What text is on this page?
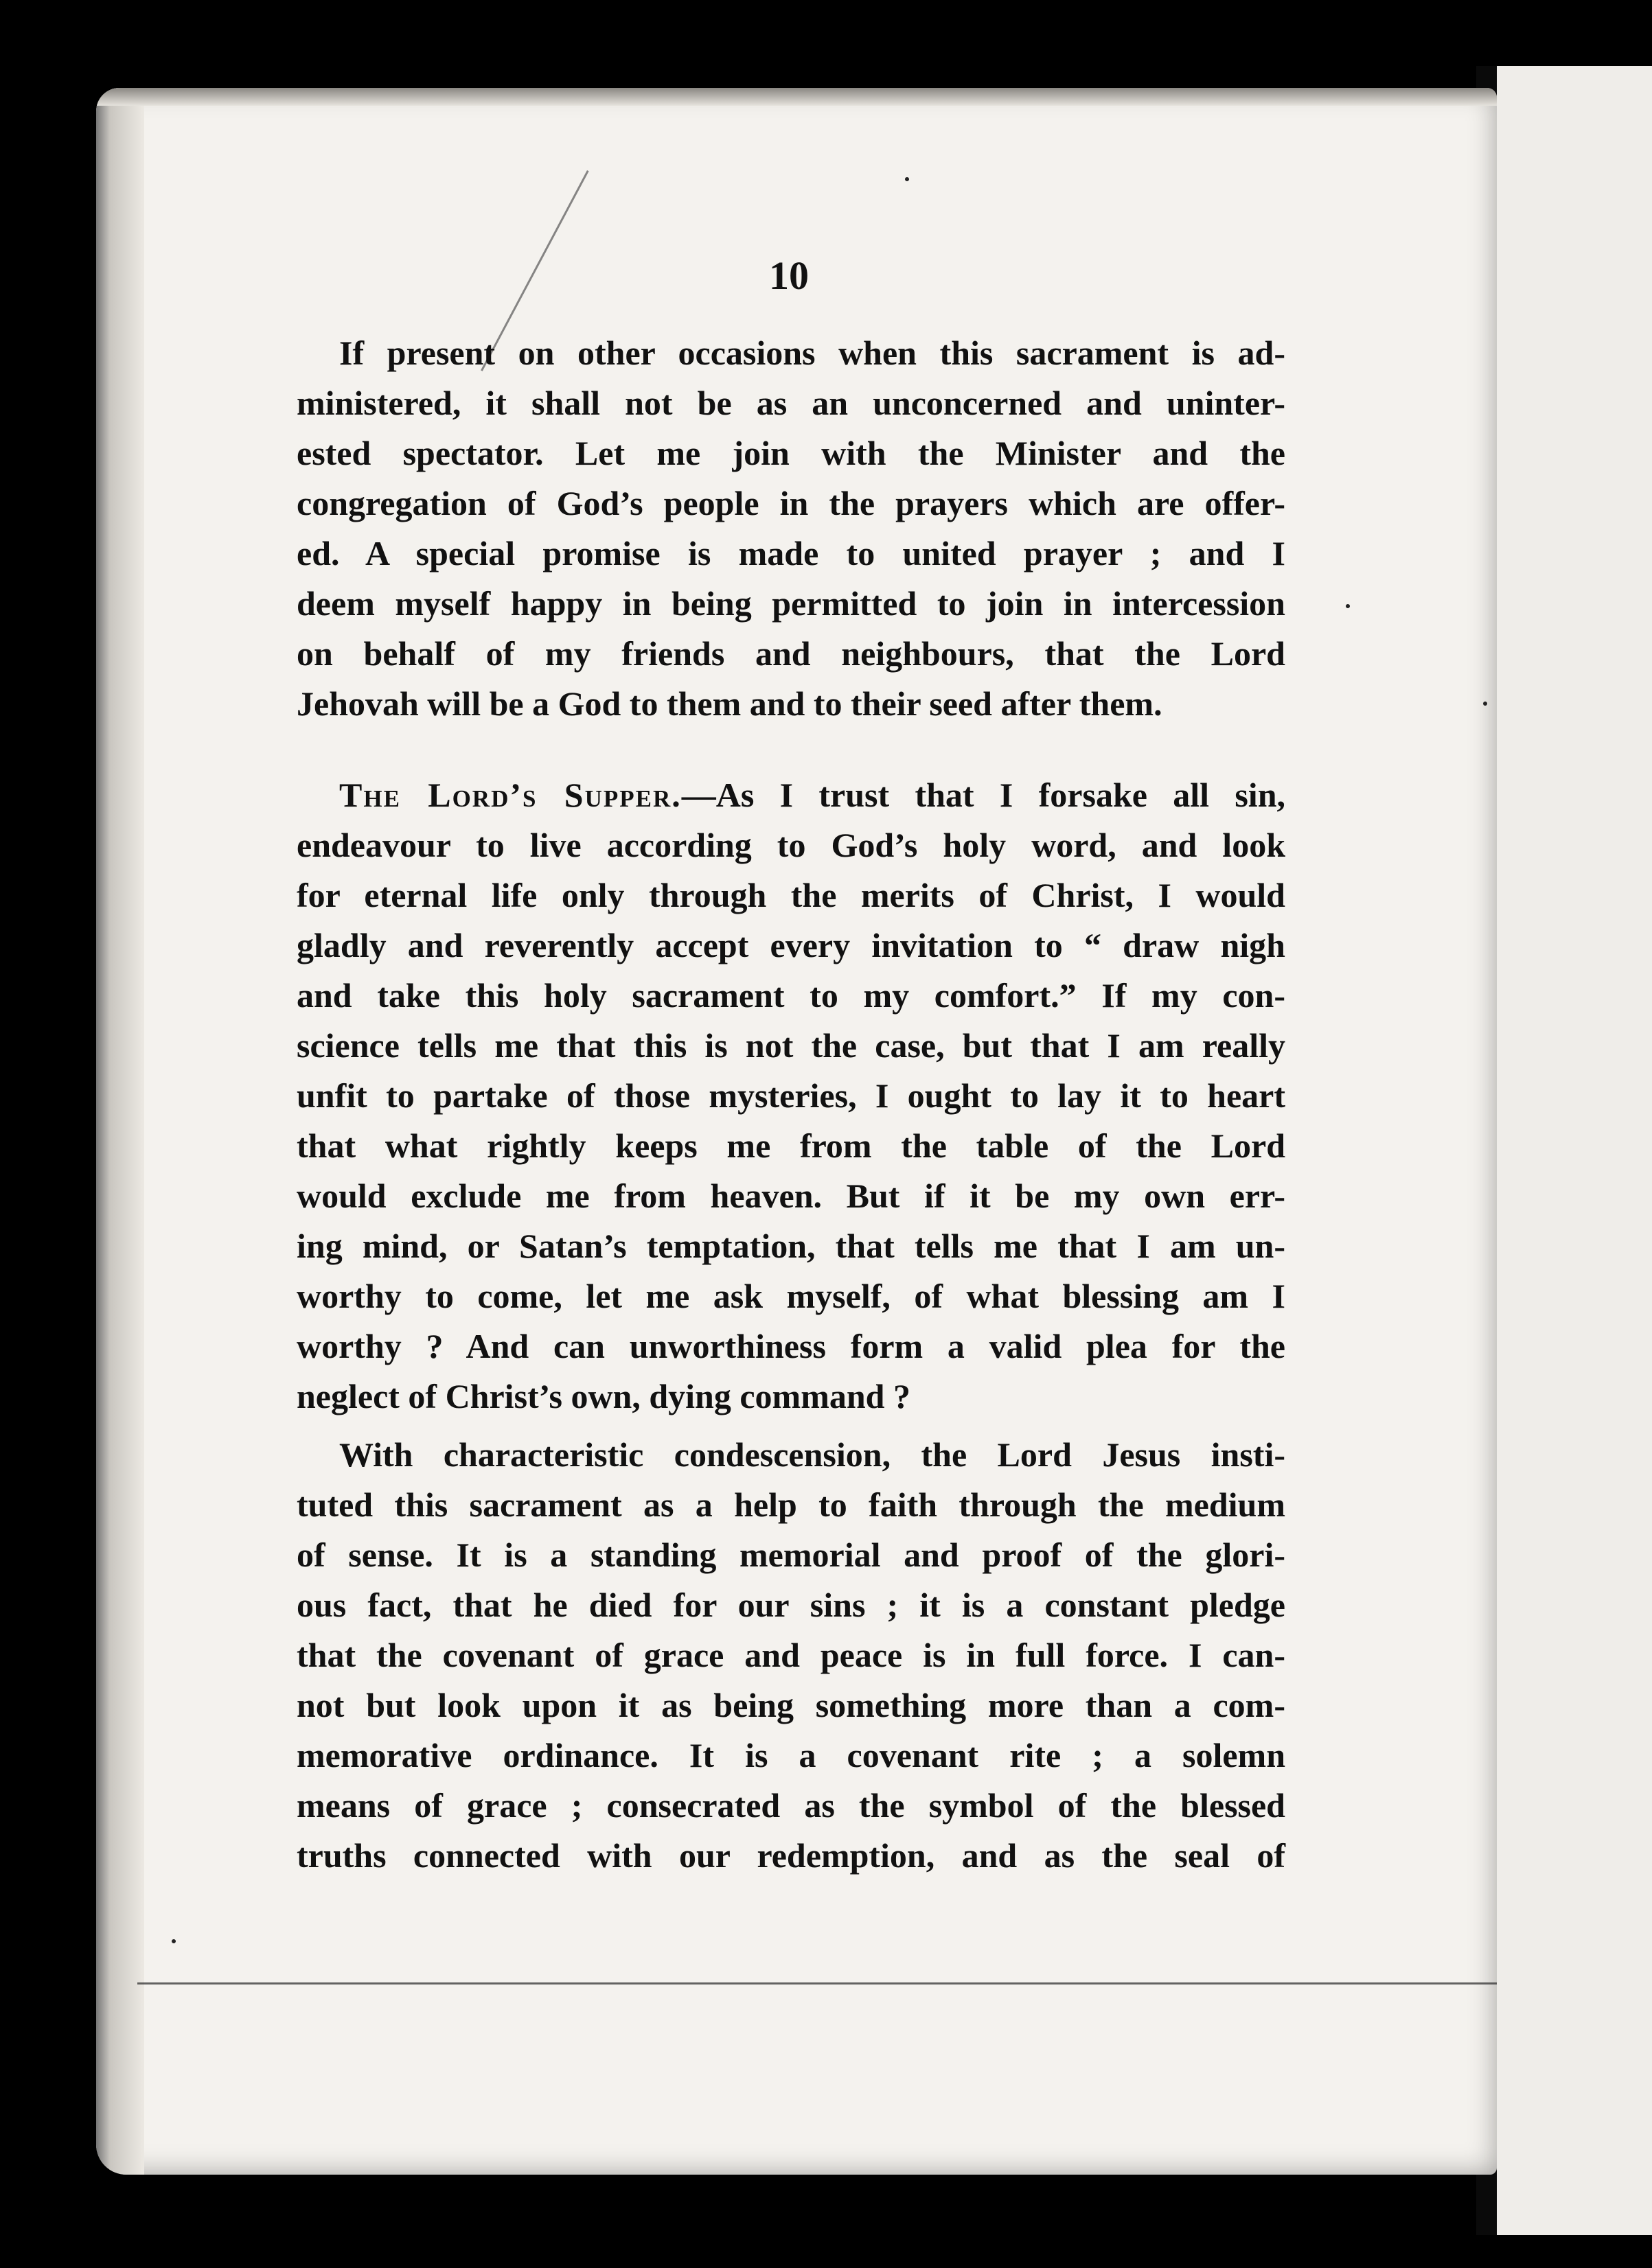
10
If present on other occasions when this sacrament is ad-
ministered, it shall not be as an unconcerned and uninter-
ested spectator. Let me join with the Minister and the
congregation of God’s people in the prayers which are offer-
ed. A special promise is made to united prayer ; and I
deem myself happy in being permitted to join in intercession
on behalf of my friends and neighbours, that the Lord
Jehovah will be a God to them and to their seed after them.
The Lord’s Supper.—As I trust that I forsake all sin,
endeavour to live according to God’s holy word, and look
for eternal life only through the merits of Christ, I would
gladly and reverently accept every invitation to “ draw nigh
and take this holy sacrament to my comfort.” If my con-
science tells me that this is not the case, but that I am really
unfit to partake of those mysteries, I ought to lay it to heart
that what rightly keeps me from the table of the Lord
would exclude me from heaven. But if it be my own err-
ing mind, or Satan’s temptation, that tells me that I am un-
worthy to come, let me ask myself, of what blessing am I
worthy ? And can unworthiness form a valid plea for the
neglect of Christ’s own, dying command ?
With characteristic condescension, the Lord Jesus insti-
tuted this sacrament as a help to faith through the medium
of sense. It is a standing memorial and proof of the glori-
ous fact, that he died for our sins ; it is a constant pledge
that the covenant of grace and peace is in full force. I can-
not but look upon it as being something more than a com-
memorative ordinance. It is a covenant rite ; a solemn
means of grace ; consecrated as the symbol of the blessed
truths connected with our redemption, and as the seal of
